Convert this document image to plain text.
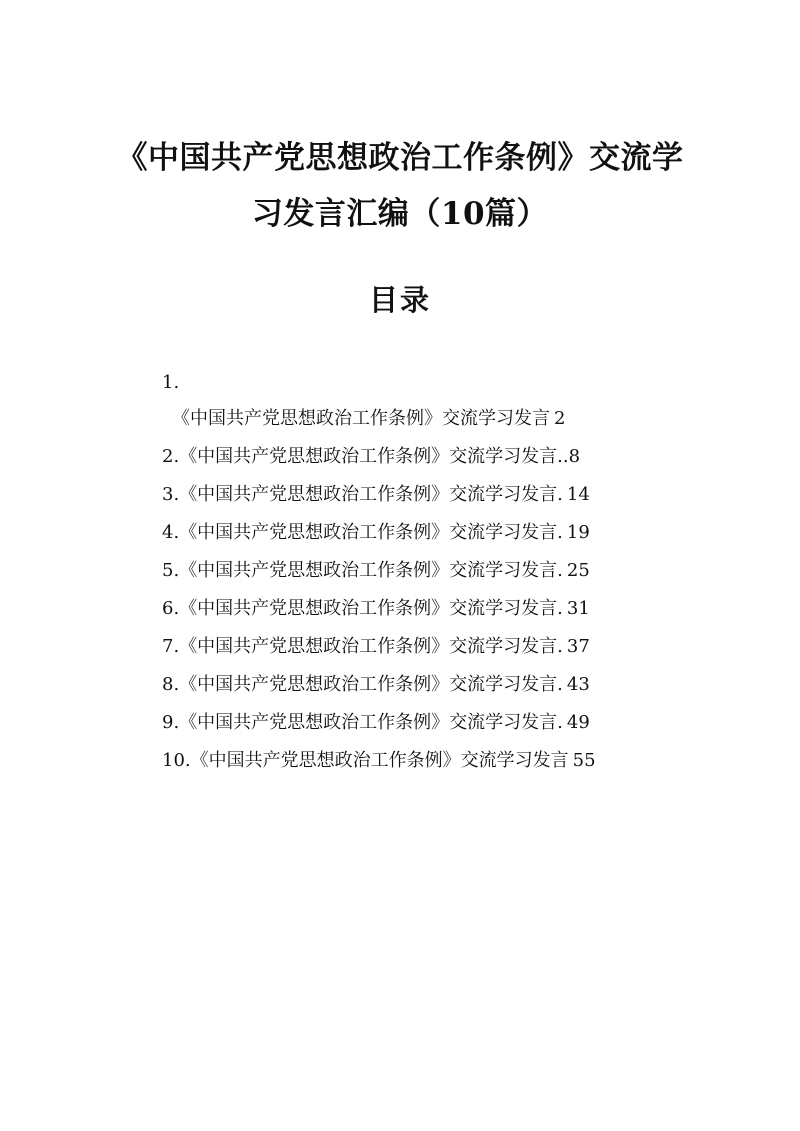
《中国共产党思想政治工作条例》交流学
习发言汇编（10篇）
目录
1.
《中国共产党思想政治工作条例》交流学习发言 2
2.《中国共产党思想政治工作条例》交流学习发言..8
3.《中国共产党思想政治工作条例》交流学习发言. 14
4.《中国共产党思想政治工作条例》交流学习发言. 19
5.《中国共产党思想政治工作条例》交流学习发言. 25
6.《中国共产党思想政治工作条例》交流学习发言. 31
7.《中国共产党思想政治工作条例》交流学习发言. 37
8.《中国共产党思想政治工作条例》交流学习发言. 43
9.《中国共产党思想政治工作条例》交流学习发言. 49
10.《中国共产党思想政治工作条例》交流学习发言 55
